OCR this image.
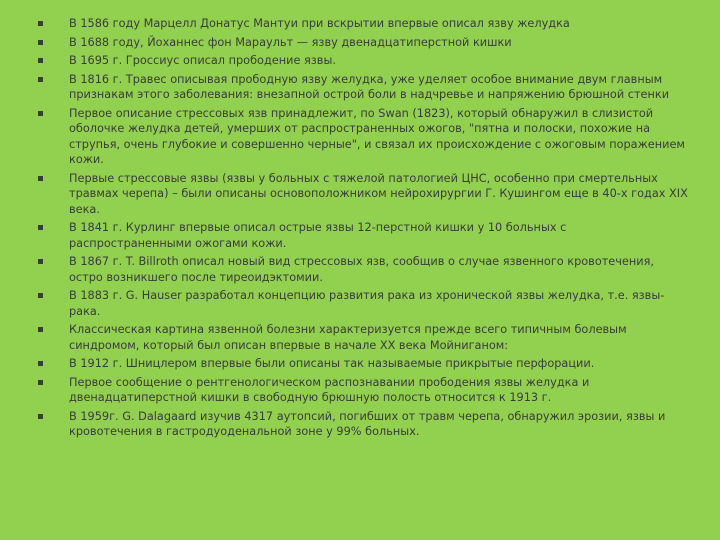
В 1586 году Марцелл Донатус Мантуи при вскрытии впервые описал язву желудка
В 1688 году, Йоханнес фон Мараульт — язву двенадцатиперстной кишки
В 1695 г. Гроссиус описал прободение язвы.
В 1816 г. Травес описывая прободную язву желудка, уже уделяет особое внимание двум главным признакам этого заболевания: внезапной острой боли в надчревье и напряжению брюшной стенки
Первое описание стрессовых язв принадлежит, по Swan (1823), который обнаружил в слизистой оболочке желудка детей, умерших от распространенных ожогов, "пятна и полоски, похожие на струпья, очень глубокие и совершенно черные", и связал их происхождение с ожоговым поражением кожи.
Первые стрессовые язвы (язвы у больных с тяжелой патологией ЦНС, особенно при смертельных травмах черепа) – были описаны основоположником нейрохирургии Г. Кушингом еще в 40-х годах XIX века.
В 1841 г. Курлинг впервые описал острые язвы 12-перстной кишки у 10 больных с распространенными ожогами кожи.
В 1867 г. T. Billroth описал новый вид стрессовых язв, сообщив о случае язвенного кровотечения, остро возникшего после тиреоидэктомии.
В 1883 г. G. Hauser разработал концепцию развития рака из хронической язвы желудка, т.е. язвы-рака.
Классическая картина язвенной болезни характеризуется прежде всего типичным болевым синдромом, который был описан впервые в начале XX века Мойниганом:
В 1912 г. Шницлером впервые были описаны так называемые прикрытые перфорации.
Первое сообщение о рентгенологическом распознавании прободения язвы желудка и двенадцатиперстной кишки в свободную брюшную полость относится к 1913 г.
В 1959г. G. Dalagaard изучив 4317 аутопсий, погибших от травм черепа, обнаружил эрозии, язвы и кровотечения в гастродуоденальной зоне у 99% больных.
